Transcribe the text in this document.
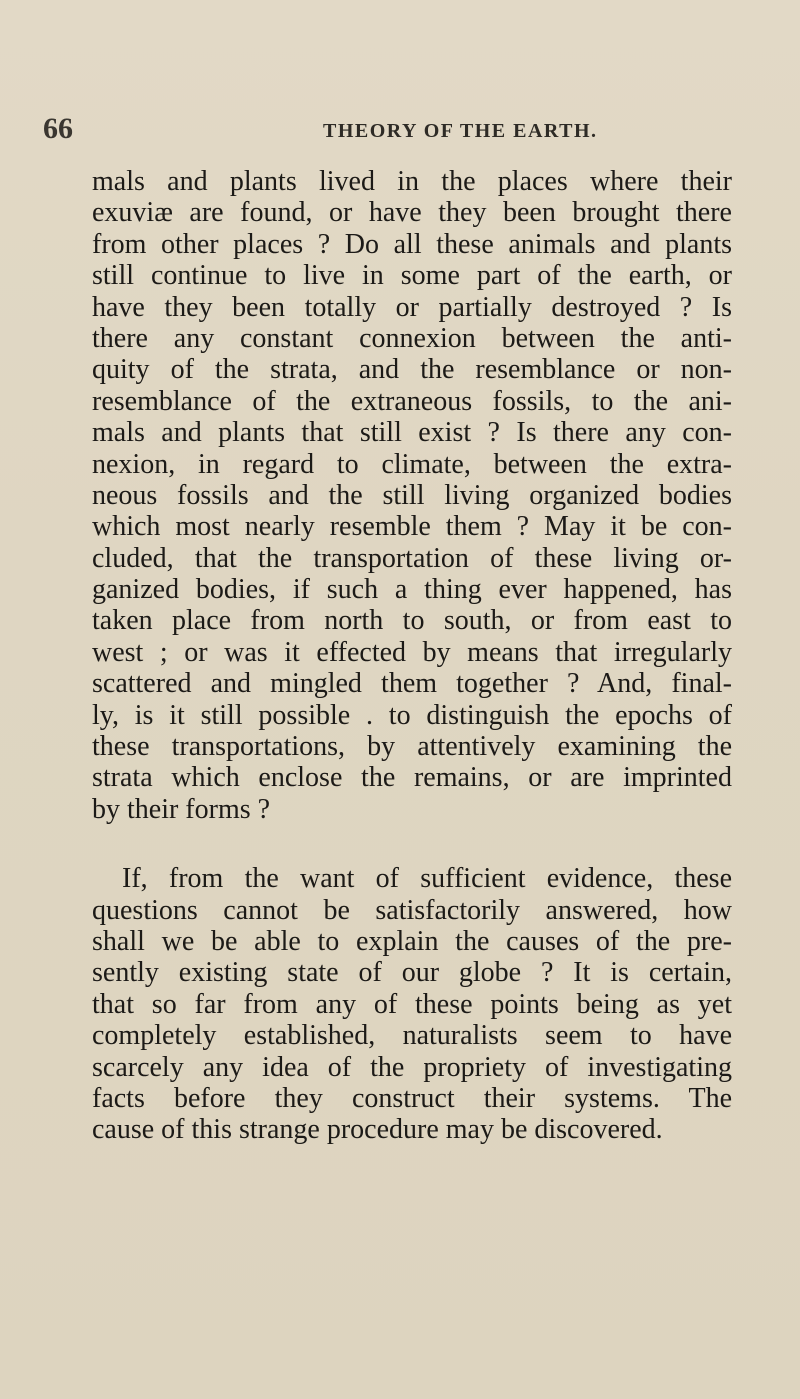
66	THEORY OF THE EARTH.
mals and plants lived in the places where their
exuviæ are found, or have they been brought there
from other places ? Do all these animals and plants
still continue to live in some part of the earth, or
have they been totally or partially destroyed ? Is
there any constant connexion between the anti-
quity of the strata, and the resemblance or non-
resemblance of the extraneous fossils, to the ani-
mals and plants that still exist ? Is there any con-
nexion, in regard to climate, between the extra-
neous fossils and the still living organized bodies
which most nearly resemble them ? May it be con-
cluded, that the transportation of these living or-
ganized bodies, if such a thing ever happened, has
taken place from north to south, or from east to
west ; or was it effected by means that irregularly
scattered and mingled them together ? And, final-
ly, is it still possible . to distinguish the epochs of
these transportations, by attentively examining the
strata which enclose the remains, or are imprinted
by their forms ?
If, from the want of sufficient evidence, these
questions cannot be satisfactorily answered, how
shall we be able to explain the causes of the pre-
sently existing state of our globe ? It is certain,
that so far from any of these points being as yet
completely established, naturalists seem to have
scarcely any idea of the propriety of investigating
facts before they construct their systems. The
cause of this strange procedure may be discovered.
